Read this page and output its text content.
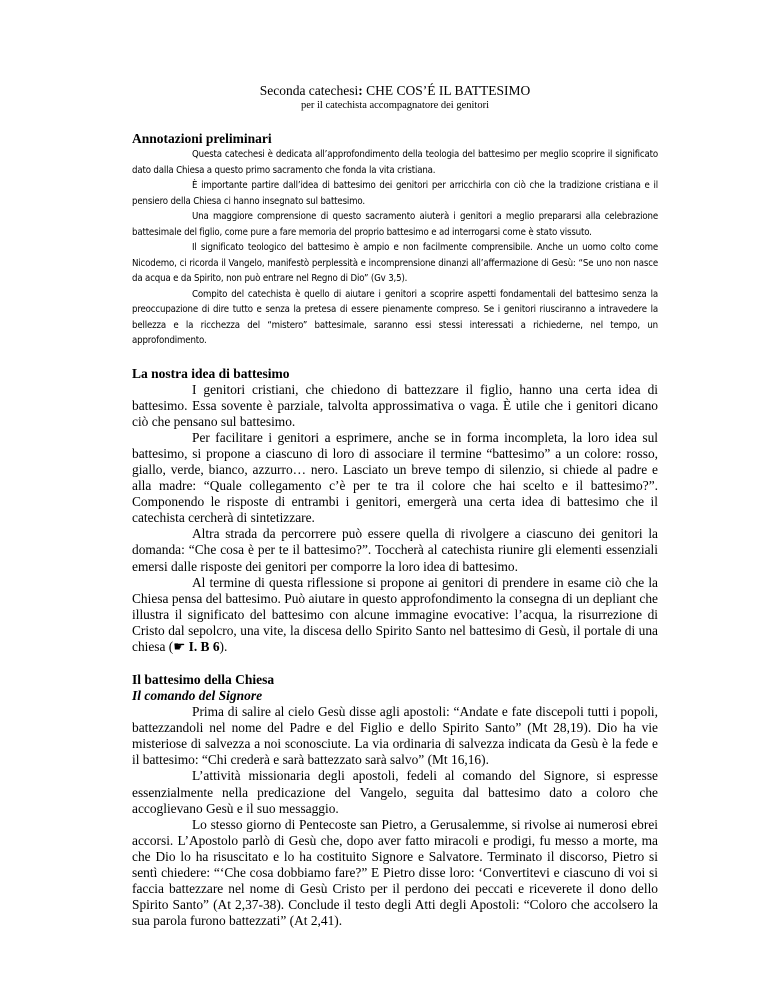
Seconda catechesi: CHE COS’É IL BATTESIMO

per il catechista accompagnatore dei genitori

Annotazioni preliminari

Questa catechesi è dedicata all’approfondimento della teologia del battesimo per meglio scoprire il significato dato dalla Chiesa a questo primo sacramento che fonda la vita cristiana.

È importante partire dall’idea di battesimo dei genitori per arricchirla con ciò che la tradizione cristiana e il pensiero della Chiesa ci hanno insegnato sul battesimo.

Una maggiore comprensione di questo sacramento aiuterà i genitori a meglio prepararsi alla celebrazione battesimale del figlio, come pure a fare memoria del proprio battesimo e ad interrogarsi come è stato vissuto.

Il significato teologico del battesimo è ampio e non facilmente comprensibile. Anche un uomo colto come Nicodemo, ci ricorda il Vangelo, manifestò perplessità e incomprensione dinanzi all’affermazione di Gesù: “Se uno non nasce da acqua e da Spirito, non può entrare nel Regno di Dio” (Gv 3,5).

Compito del catechista è quello di aiutare i genitori a scoprire aspetti fondamentali del battesimo senza la preoccupazione di dire tutto e senza la pretesa di essere pienamente compreso. Se i genitori riusciranno a intravedere la bellezza e la ricchezza del “mistero” battesimale, saranno essi stessi interessati a richiederne, nel tempo, un approfondimento.

La nostra idea di battesimo

I genitori cristiani, che chiedono di battezzare il figlio, hanno una certa idea di battesimo. Essa sovente è parziale, talvolta approssimativa o vaga. È utile che i genitori dicano ciò che pensano sul battesimo.

Per facilitare i genitori a esprimere, anche se in forma incompleta, la loro idea sul battesimo, si propone a ciascuno di loro di associare il termine “battesimo” a un colore: rosso, giallo, verde, bianco, azzurro… nero. Lasciato un breve tempo di silenzio, si chiede al padre e alla madre: “Quale collegamento c’è per te tra il colore che hai scelto e il battesimo?”. Componendo le risposte di entrambi i genitori, emergerà una certa idea di battesimo che il catechista cercherà di sintetizzare.

Altra strada da percorrere può essere quella di rivolgere a ciascuno dei genitori la domanda: “Che cosa è per te il battesimo?”. Toccherà al catechista riunire gli elementi essenziali emersi dalle risposte dei genitori per comporre la loro idea di battesimo.

Al termine di questa riflessione si propone ai genitori di prendere in esame ciò che la Chiesa pensa del battesimo. Può aiutare in questo approfondimento la consegna di un depliant che illustra il significato del battesimo con alcune immagine evocative: l’acqua, la risurrezione di Cristo dal sepolcro, una vite, la discesa dello Spirito Santo nel battesimo di Gesù, il portale di una chiesa (☛ I. B 6).

Il battesimo della Chiesa
Il comando del Signore

Prima di salire al cielo Gesù disse agli apostoli: “Andate e fate discepoli tutti i popoli, battezzandoli nel nome del Padre e del Figlio e dello Spirito Santo” (Mt 28,19). Dio ha vie misteriose di salvezza a noi sconosciute. La via ordinaria di salvezza indicata da Gesù è la fede e il battesimo: “Chi crederà e sarà battezzato sarà salvo” (Mt 16,16).

L’attività missionaria degli apostoli, fedeli al comando del Signore, si espresse essenzialmente nella predicazione del Vangelo, seguita dal battesimo dato a coloro che accoglievano Gesù e il suo messaggio.

Lo stesso giorno di Pentecoste san Pietro, a Gerusalemme, si rivolse ai numerosi ebrei accorsi. L’Apostolo parlò di Gesù che, dopo aver fatto miracoli e prodigi, fu messo a morte, ma che Dio lo ha risuscitato e lo ha costituito Signore e Salvatore. Terminato il discorso, Pietro si sentì chiedere: “‘Che cosa dobbiamo fare?” E Pietro disse loro: ‘Convertitevi e ciascuno di voi si faccia battezzare nel nome di Gesù Cristo per il perdono dei peccati e riceverete il dono dello Spirito Santo” (At 2,37-38). Conclude il testo degli Atti degli Apostoli: “Coloro che accolsero la sua parola furono battezzati” (At 2,41).
